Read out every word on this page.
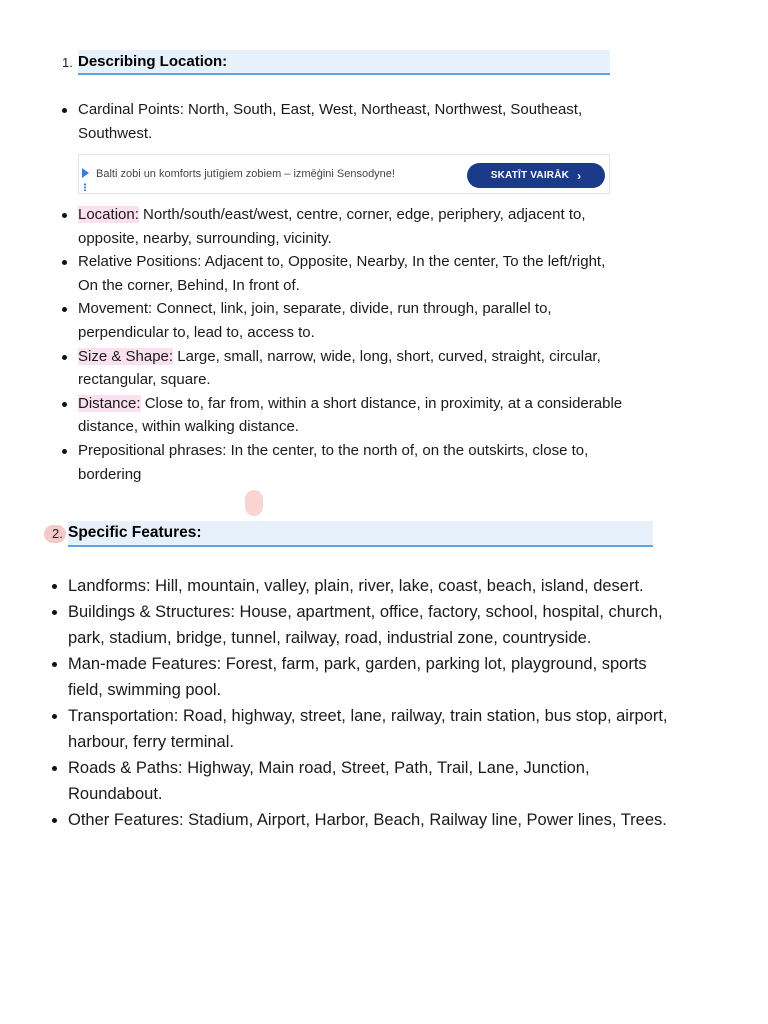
1. Describing Location:
Cardinal Points: North, South, East, West, Northeast, Northwest, Southeast, Southwest.
Balti zobi un komforts jutīgiem zobiem – izmēģini Sensodyne!	SKATĪT VAIRĀK ›
Location: North/south/east/west, centre, corner, edge, periphery, adjacent to, opposite, nearby, surrounding, vicinity.
Relative Positions: Adjacent to, Opposite, Nearby, In the center, To the left/right, On the corner, Behind, In front of.
Movement: Connect, link, join, separate, divide, run through, parallel to, perpendicular to, lead to, access to.
Size & Shape: Large, small, narrow, wide, long, short, curved, straight, circular, rectangular, square.
Distance: Close to, far from, within a short distance, in proximity, at a considerable distance, within walking distance.
Prepositional phrases: In the center, to the north of, on the outskirts, close to, bordering
2. Specific Features:
Landforms: Hill, mountain, valley, plain, river, lake, coast, beach, island, desert.
Buildings & Structures: House, apartment, office, factory, school, hospital, church, park, stadium, bridge, tunnel, railway, road, industrial zone, countryside.
Man-made Features: Forest, farm, park, garden, parking lot, playground, sports field, swimming pool.
Transportation: Road, highway, street, lane, railway, train station, bus stop, airport, harbour, ferry terminal.
Roads & Paths: Highway, Main road, Street, Path, Trail, Lane, Junction, Roundabout.
Other Features: Stadium, Airport, Harbor, Beach, Railway line, Power lines, Trees.
